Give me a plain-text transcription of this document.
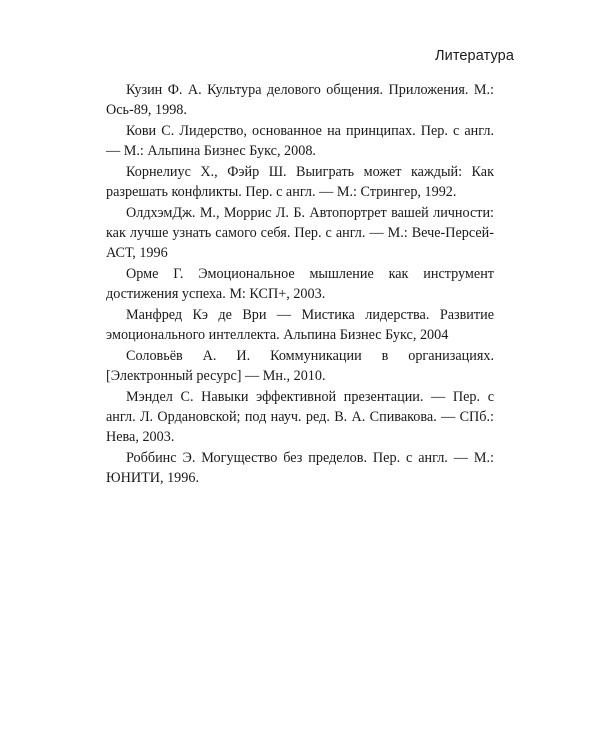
Литература

Кузин Ф. А. Культура делового общения. Приложения. М.: Ось-89, 1998.

Кови С. Лидерство, основанное на принципах. Пер. с англ. — М.: Альпина Бизнес Букс, 2008.

Корнелиус Х., Фэйр Ш. Выиграть может каждый: Как разрешать конфликты. Пер. с англ. — М.: Стрингер, 1992.

ОлдхэмДж. М., Моррис Л. Б. Автопортрет вашей личности: как лучше узнать самого себя. Пер. с англ. — М.: Вече-Персей-АСТ, 1996

Орме Г. Эмоциональное мышление как инструмент достижения успеха. М: КСП+, 2003.

Манфред Кэ де Ври — Мистика лидерства. Развитие эмоционального интеллекта. Альпина Бизнес Букс, 2004

Соловьёв А. И. Коммуникации в организациях. [Электронный ресурс] — Мн., 2010.

Мэндел С. Навыки эффективной презентации. — Пер. с англ. Л. Ордановской; под науч. ред. В. А. Спивакова. — СПб.: Нева, 2003.

Роббинс Э. Могущество без пределов. Пер. с англ. — М.: ЮНИТИ, 1996.
